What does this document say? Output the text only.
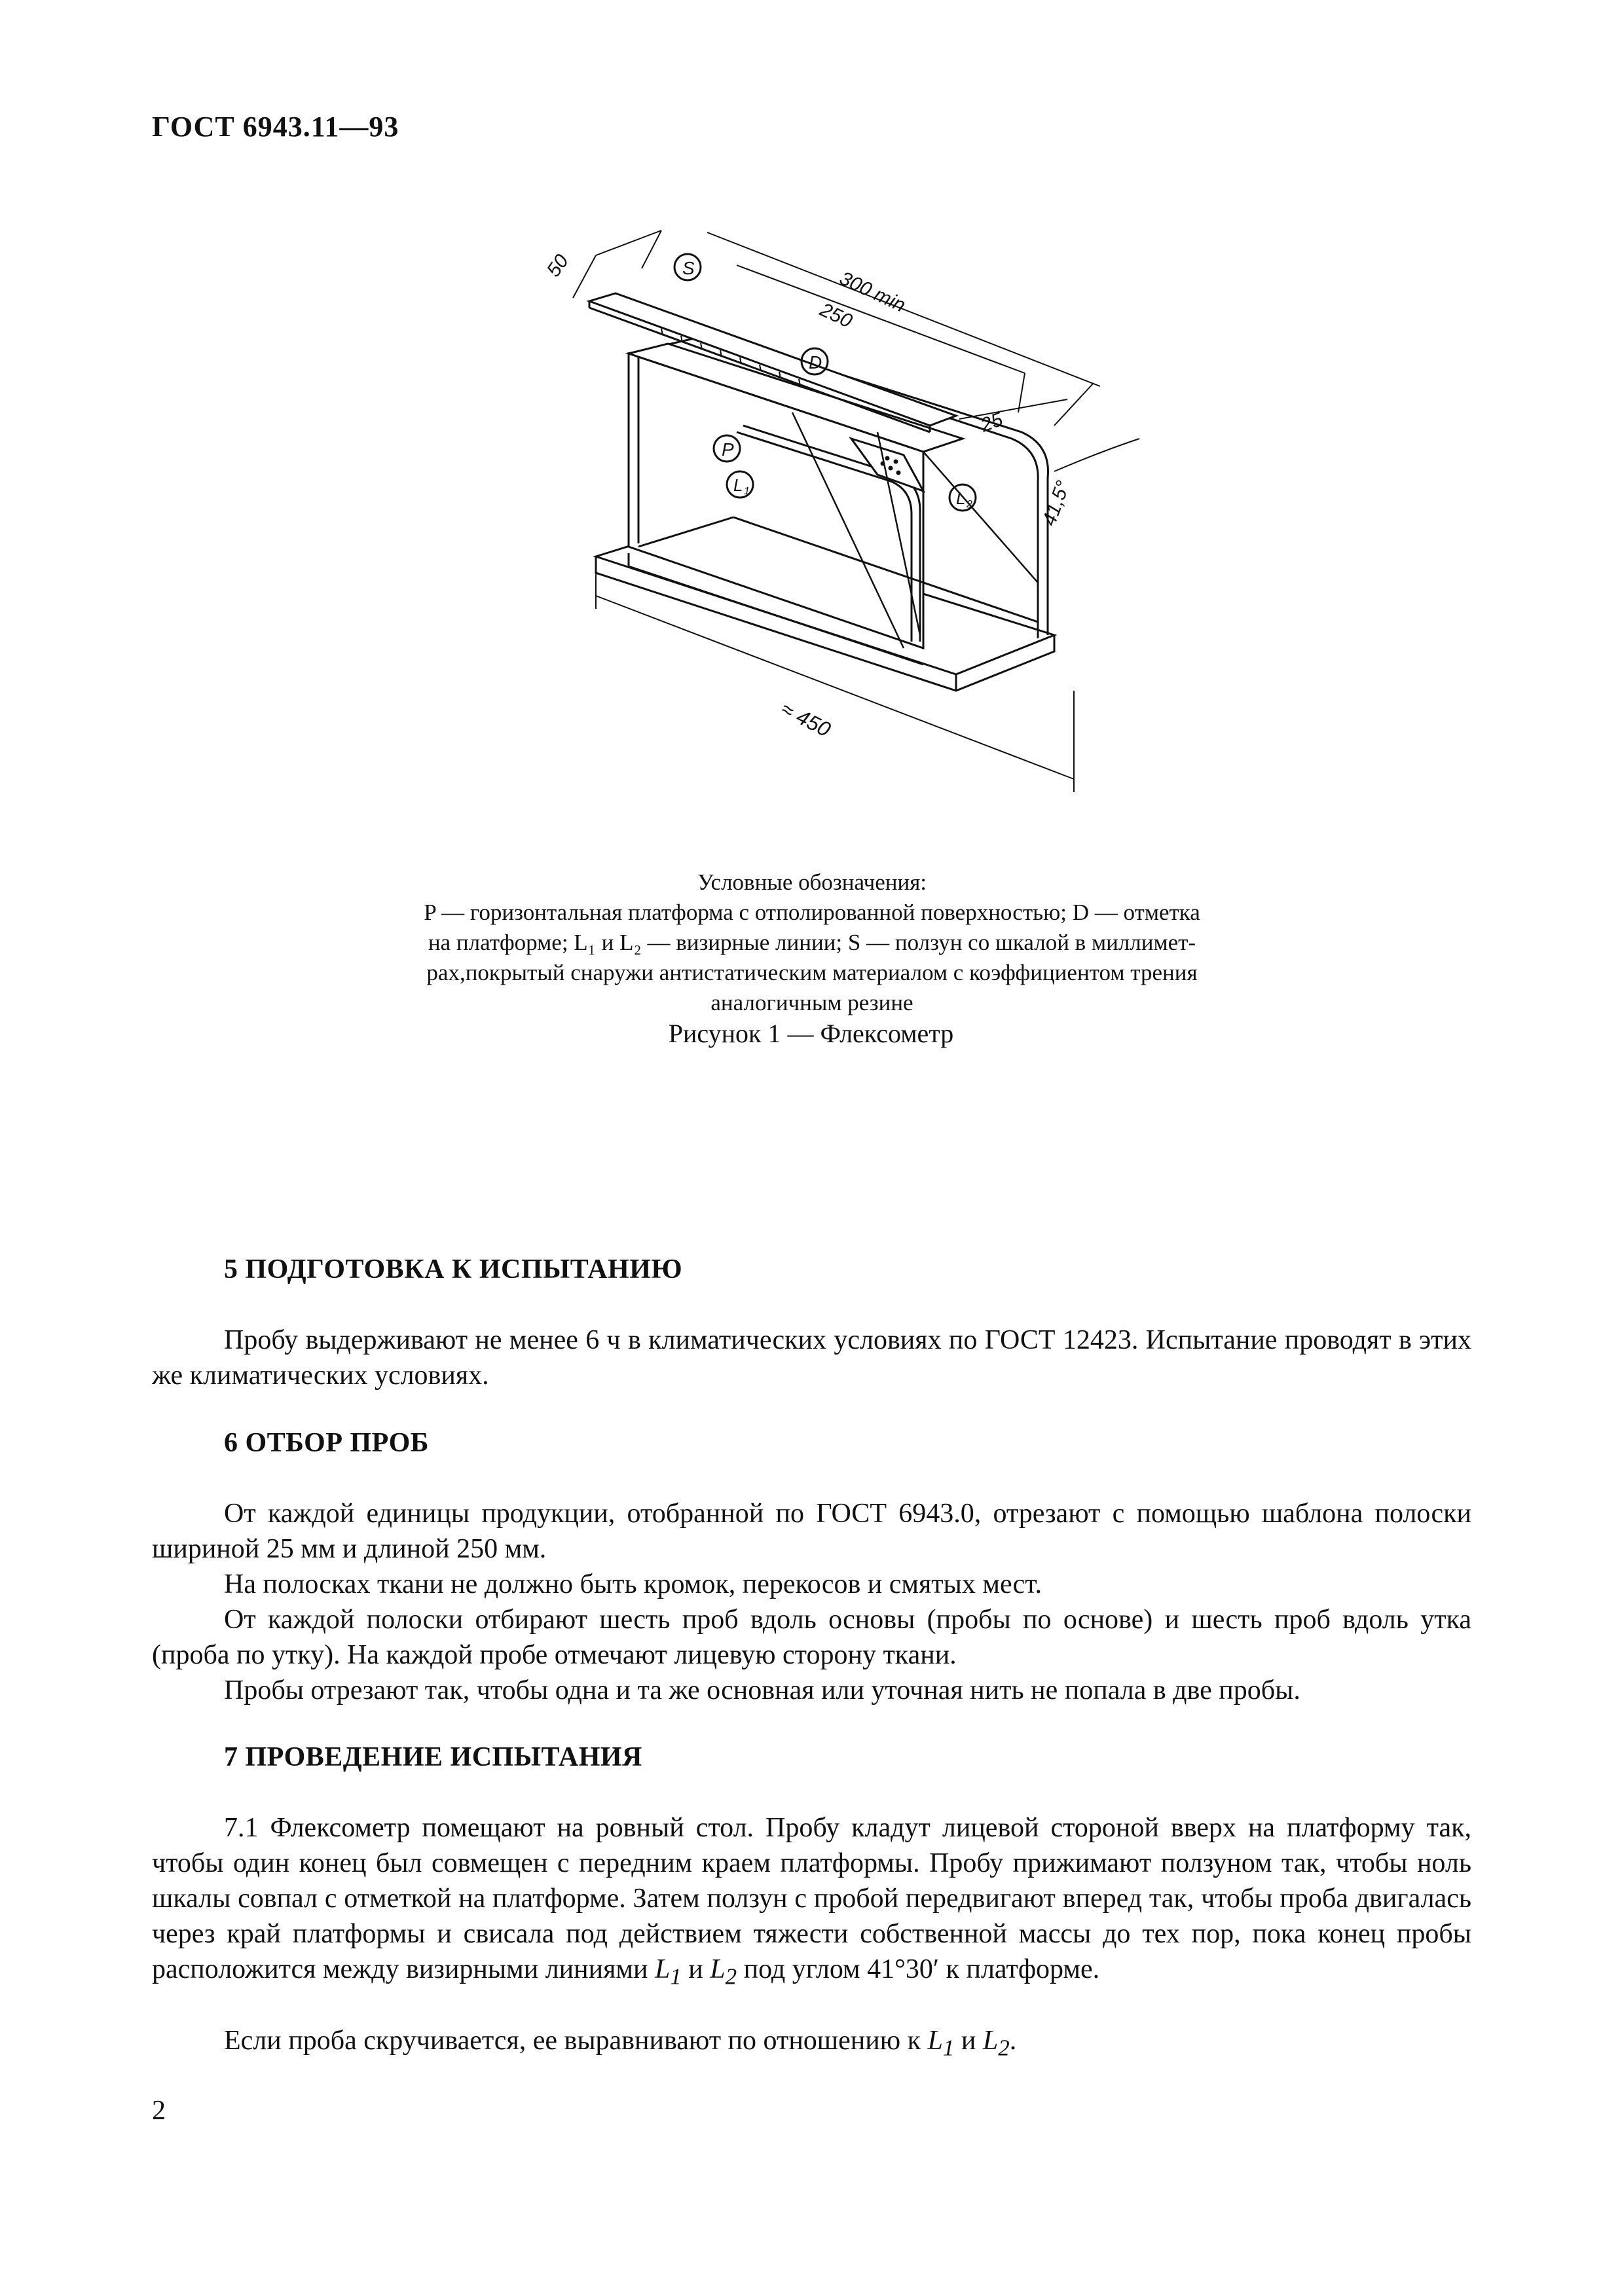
ГОСТ 6943.11—93
50	S	300 min
250
D
P
L 1
25
L 2	41,5°
≈ 450

Условные обозначения:

P — горизонтальная платформа с отполированной поверхностью; D — отметка

на платформе; L₁ и L₂ — визирные линии; S — ползун со шкалой в миллимет-

рах,покрытый снаружи антистатическим материалом с коэффициентом трения

аналогичным резине

Рисунок 1 — Флексометр
5 ПОДГОТОВКА К ИСПЫТАНИЮ
Пробу выдерживают не менее 6 ч в климатических условиях по ГОСТ 12423. Испытание проводят в этих же климатических условиях.
6 ОТБОР ПРОБ
От каждой единицы продукции, отобранной по ГОСТ 6943.0, отрезают с помощью шаблона полоски шириной 25 мм и длиной 250 мм.
На полосках ткани не должно быть кромок, перекосов и смятых мест.
От каждой полоски отбирают шесть проб вдоль основы (пробы по основе) и шесть проб вдоль утка (проба по утку). На каждой пробе отмечают лицевую сторону ткани.
Пробы отрезают так, чтобы одна и та же основная или уточная нить не попала в две пробы.
7 ПРОВЕДЕНИЕ ИСПЫТАНИЯ
7.1 Флексометр помещают на ровный стол. Пробу кладут лицевой стороной вверх на платформу так, чтобы один конец был совмещен с передним краем платформы. Пробу прижимают ползуном так, чтобы ноль шкалы совпал с отметкой на платформе. Затем ползун с пробой передвигают вперед так, чтобы проба двигалась через край платформы и свисала под действием тяжести собственной массы до тех пор, пока конец пробы расположится между визирными линиями $L_1$ и $L_2$ под углом 41°30′ к платформе.
Если проба скручивается, ее выравнивают по отношению к $L_1$ и $L_2$.
2
